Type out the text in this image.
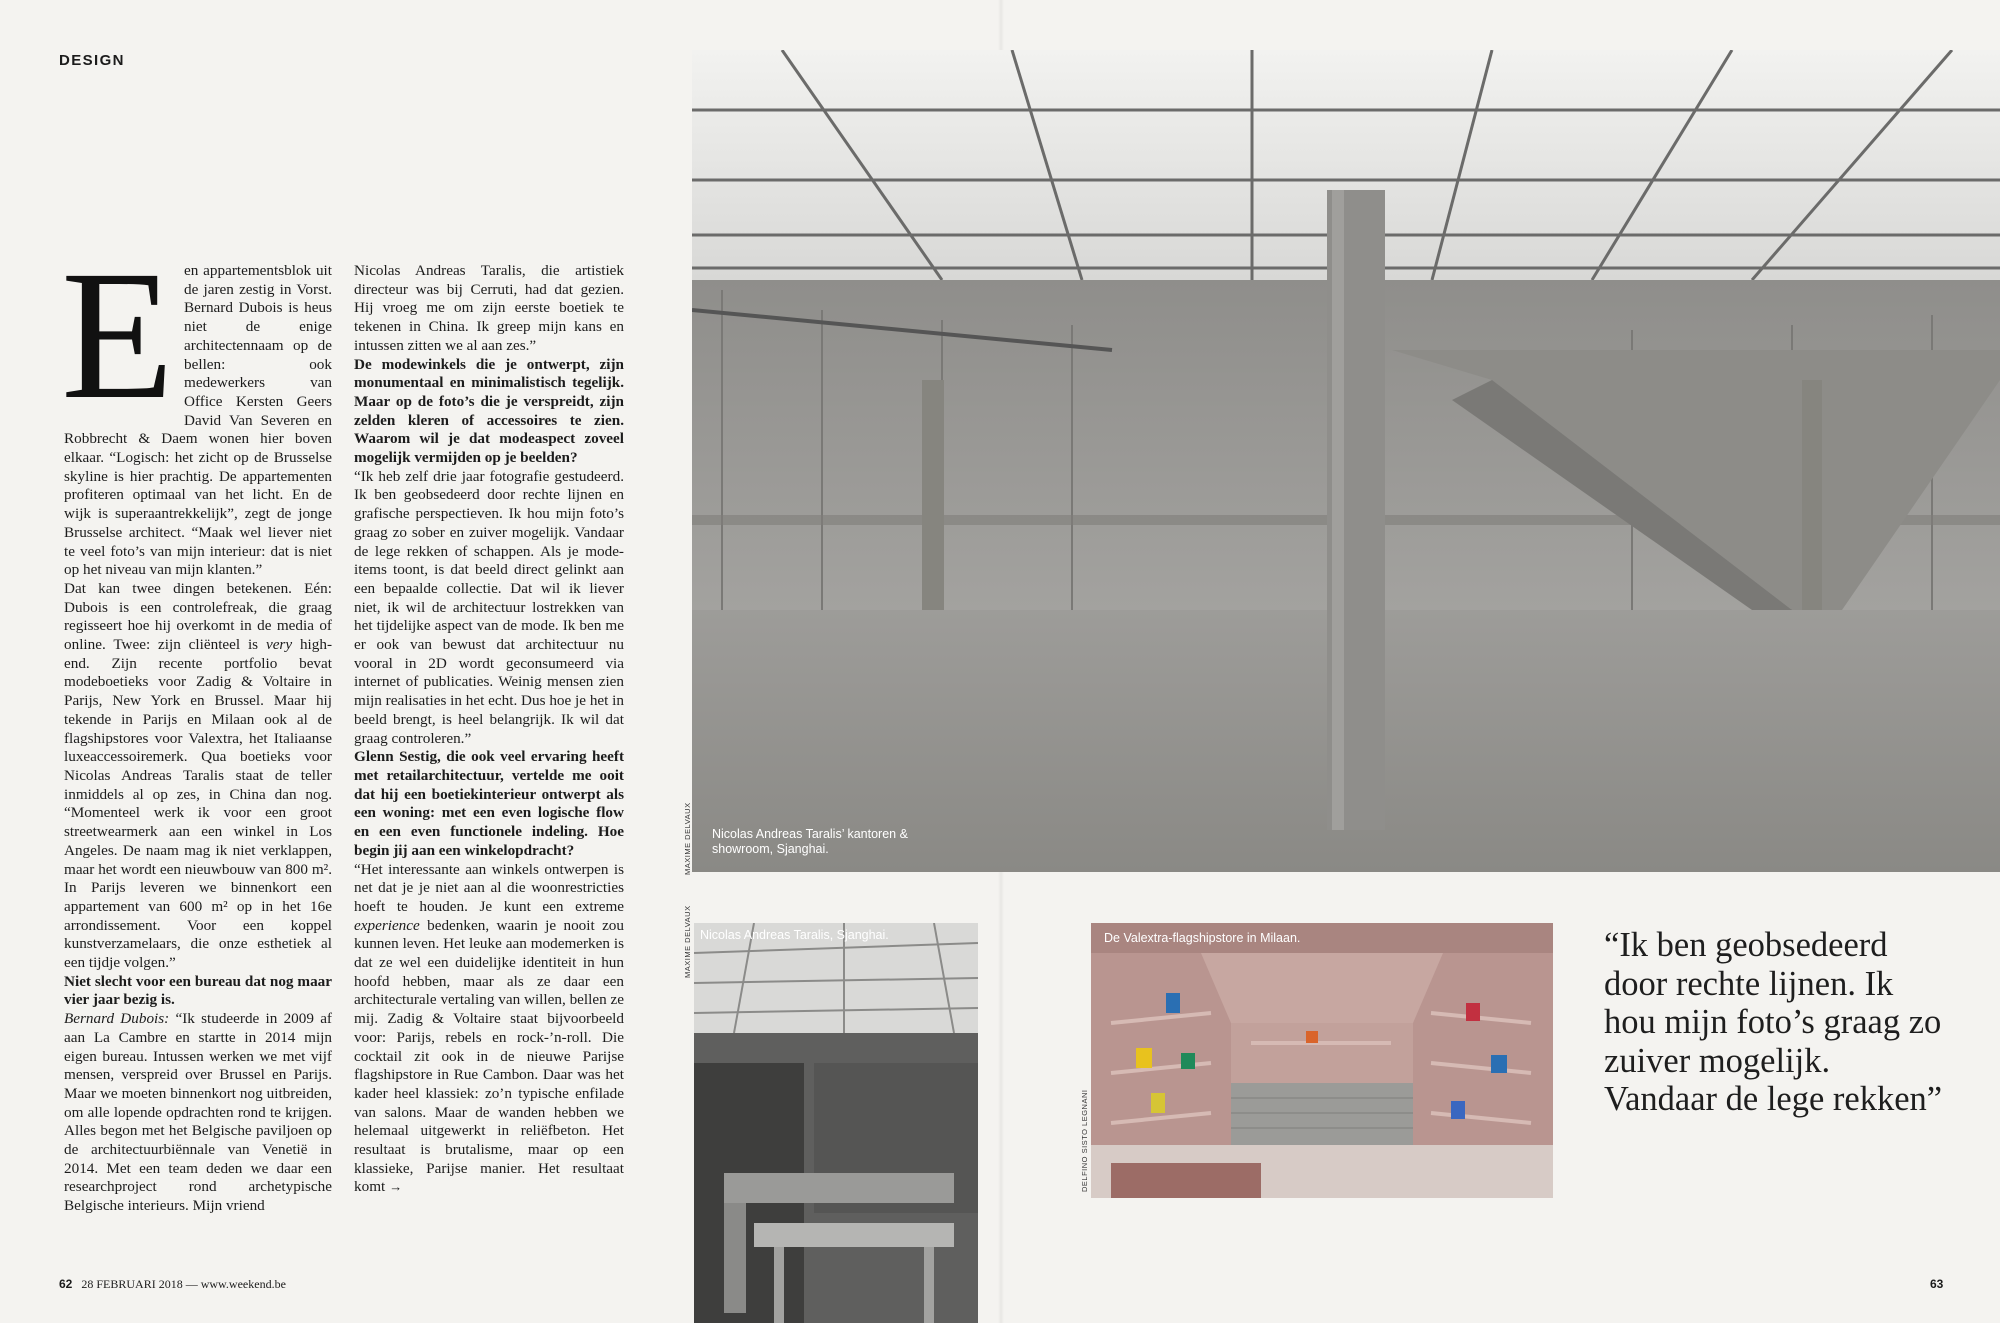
DESIGN

Een appartementsblok uit de jaren zestig in Vorst. Bernard Dubois is heus niet de enige architectennaam op de bellen: ook medewerkers van Office Kersten Geers David Van Severen en Robbrecht & Daem wonen hier boven elkaar. “Logisch: het zicht op de Brusselse skyline is hier prachtig. De appartementen profiteren optimaal van het licht. En de wijk is superaantrekkelijk”, zegt de jonge Brusselse architect. “Maak wel liever niet te veel foto’s van mijn interieur: dat is niet op het niveau van mijn klanten.”

Dat kan twee dingen betekenen. Eén: Dubois is een controlefreak, die graag regisseert hoe hij overkomt in de media of online. Twee: zijn cliënteel is very high-end. Zijn recente portfolio bevat modeboetieks voor Zadig & Voltaire in Parijs, New York en Brussel. Maar hij tekende in Parijs en Milaan ook al de flagshipstores voor Valextra, het Italiaanse luxeaccessoiremerk. Qua boetieks voor Nicolas Andreas Taralis staat de teller inmiddels al op zes, in China dan nog. “Momenteel werk ik voor een groot streetwearmerk aan een winkel in Los Angeles. De naam mag ik niet verklappen, maar het wordt een nieuwbouw van 800 m². In Parijs leveren we binnenkort een appartement van 600 m² op in het 16e arrondissement. Voor een koppel kunstverzamelaars, die onze esthetiek al een tijdje volgen.”

Niet slecht voor een bureau dat nog maar vier jaar bezig is.

Bernard Dubois: “Ik studeerde in 2009 af aan La Cambre en startte in 2014 mijn eigen bureau. Intussen werken we met vijf mensen, verspreid over Brussel en Parijs. Maar we moeten binnenkort nog uitbreiden, om alle lopende opdrachten rond te krijgen. Alles begon met het Belgische paviljoen op de architectuurbiënnale van Venetië in 2014. Met een team deden we daar een researchproject rond archetypische Belgische interieurs. Mijn vriend

Nicolas Andreas Taralis, die artistiek directeur was bij Cerruti, had dat gezien. Hij vroeg me om zijn eerste boetiek te tekenen in China. Ik greep mijn kans en intussen zitten we al aan zes.”

De modewinkels die je ontwerpt, zijn monumentaal en minimalistisch tegelijk. Maar op de foto’s die je verspreidt, zijn zelden kleren of accessoires te zien. Waarom wil je dat modeaspect zoveel mogelijk vermijden op je beelden?

“Ik heb zelf drie jaar fotografie gestudeerd. Ik ben geobsedeerd door rechte lijnen en grafische perspectieven. Ik hou mijn foto’s graag zo sober en zuiver mogelijk. Vandaar de lege rekken of schappen. Als je mode-items toont, is dat beeld direct gelinkt aan een bepaalde collectie. Dat wil ik liever niet, ik wil de architectuur lostrekken van het tijdelijke aspect van de mode. Ik ben me er ook van bewust dat architectuur nu vooral in 2D wordt geconsumeerd via internet of publicaties. Weinig mensen zien mijn realisaties in het echt. Dus hoe je het in beeld brengt, is heel belangrijk. Ik wil dat graag controleren.”

Glenn Sestig, die ook veel ervaring heeft met retailarchitectuur, vertelde me ooit dat hij een boetiekinterieur ontwerpt als een woning: met een even logische flow en een even functionele indeling. Hoe begin jij aan een winkelopdracht?

“Het interessante aan winkels ontwerpen is net dat je je niet aan al die woonrestricties hoeft te houden. Je kunt een extreme experience bedenken, waarin je nooit zou kunnen leven. Het leuke aan modemerken is dat ze wel een duidelijke identiteit in hun hoofd hebben, maar als ze daar een architecturale vertaling van willen, bellen ze mij. Zadig & Voltaire staat bijvoorbeeld voor: Parijs, rebels en rock-’n-roll. Die cocktail zit ook in de nieuwe Parijse flagshipstore in Rue Cambon. Daar was het kader heel klassiek: zo’n typische enfilade van salons. Maar de wanden hebben we helemaal uitgewerkt in reliëfbeton. Het resultaat is brutalisme, maar op een klassieke, Parijse manier. Het resultaat komt →

62 28 FEBRUARI 2018 — www.weekend.be	63
Nicolas Andreas Taralis’ kantoren & showroom, Sjanghai.
MAXIME DELVAUX
Nicolas Andreas Taralis, Sjanghai.
MAXIME DELVAUX	De Valextra-flagshipstore in Milaan.
DELFINO SISTO LEGNANI
“Ik ben geobsedeerd door rechte lijnen. Ik hou mijn foto’s graag zo zuiver mogelijk. Vandaar de lege rekken”
